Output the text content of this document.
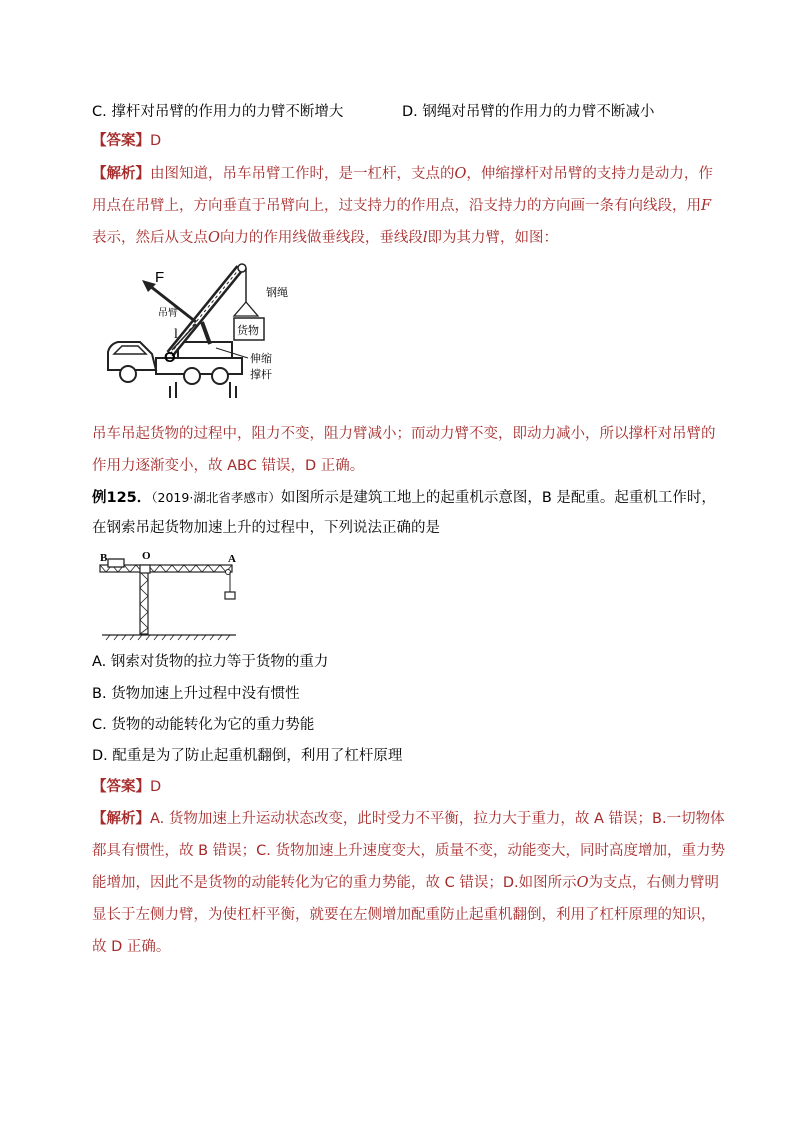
C. 撑杆对吊臂的作用力的力臂不断增大	D. 钢绳对吊臂的作用力的力臂不断减小
【答案】D
【解析】由图知道，吊车吊臂工作时，是一杠杆，支点的O，伸缩撑杆对吊臂的支持力是动力，作
用点在吊臂上，方向垂直于吊臂向上，过支持力的作用点，沿支持力的方向画一条有向线段，用F
表示，然后从支点O向力的作用线做垂线段，垂线段l即为其力臂，如图：
F
l
O
吊臂
钢绳
货物
伸缩
撑杆
吊车吊起货物的过程中，阻力不变，阻力臂减小；而动力臂不变，即动力减小，所以撑杆对吊臂的
作用力逐渐变小，故 ABC 错误，D 正确。
例125．（2019·湖北省孝感市）如图所示是建筑工地上的起重机示意图，B 是配重。起重机工作时，
在钢索吊起货物加速上升的过程中，下列说法正确的是
B	O	A
A. 钢索对货物的拉力等于货物的重力
B. 货物加速上升过程中没有惯性
C. 货物的动能转化为它的重力势能
D. 配重是为了防止起重机翻倒，利用了杠杆原理
【答案】D
【解析】A. 货物加速上升运动状态改变，此时受力不平衡，拉力大于重力，故 A 错误；B.一切物体
都具有惯性，故 B 错误；C. 货物加速上升速度变大，质量不变，动能变大，同时高度增加，重力势
能增加，因此不是货物的动能转化为它的重力势能，故 C 错误；D.如图所示O为支点，右侧力臂明
显长于左侧力臂，为使杠杆平衡，就要在左侧增加配重防止起重机翻倒，利用了杠杆原理的知识，
故 D 正确。
